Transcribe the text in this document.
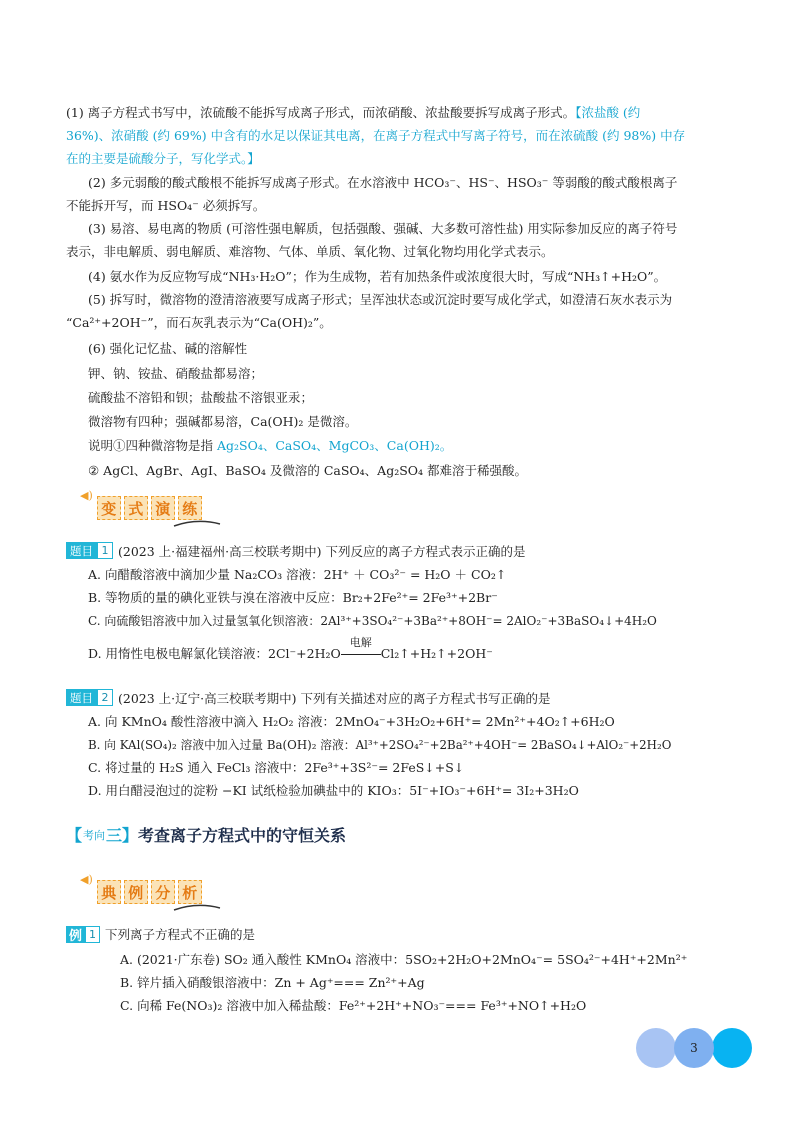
(1) 离子方程式书写中，浓硫酸不能拆写成离子形式，而浓硝酸、浓盐酸要拆写成离子形式。【浓盐酸 (约
36%)、浓硝酸 (约 69%) 中含有的水足以保证其电离，在离子方程式中写离子符号，而在浓硫酸 (约 98%) 中存
在的主要是硫酸分子，写化学式。】
(2) 多元弱酸的酸式酸根不能拆写成离子形式。在水溶液中 HCO₃⁻、HS⁻、HSO₃⁻ 等弱酸的酸式酸根离子
不能拆开写，而 HSO₄⁻ 必须拆写。
(3) 易溶、易电离的物质 (可溶性强电解质，包括强酸、强碱、大多数可溶性盐) 用实际参加反应的离子符号
表示，非电解质、弱电解质、难溶物、气体、单质、氧化物、过氧化物均用化学式表示。
(4) 氨水作为反应物写成“NH₃·H₂O”；作为生成物，若有加热条件或浓度很大时，写成“NH₃↑+H₂O”。
(5) 拆写时，微溶物的澄清溶液要写成离子形式；呈浑浊状态或沉淀时要写成化学式，如澄清石灰水表示为
“Ca²⁺+2OH⁻”，而石灰乳表示为“Ca(OH)₂”。
(6) 强化记忆盐、碱的溶解性
钾、钠、铵盐、硝酸盐都易溶；
硫酸盐不溶铅和钡；盐酸盐不溶银亚汞；
微溶物有四种；强碱都易溶，Ca(OH)₂ 是微溶。
说明①四种微溶物是指 Ag₂SO₄、CaSO₄、MgCO₃、Ca(OH)₂。
② AgCl、AgBr、AgI、BaSO₄ 及微溶的 CaSO₄、Ag₂SO₄ 都难溶于稀强酸。
◀)
变 式 演 练
题目 1 (2023 上·福建福州·高三校联考期中) 下列反应的离子方程式表示正确的是
A. 向醋酸溶液中滴加少量 Na₂CO₃ 溶液：2H⁺ ＋ CO₃²⁻ = H₂O ＋ CO₂↑
B. 等物质的量的碘化亚铁与溴在溶液中反应：Br₂+2Fe²⁺= 2Fe³⁺+2Br⁻
C. 向硫酸铝溶液中加入过量氢氧化钡溶液：2Al³⁺+3SO₄²⁻+3Ba²⁺+8OH⁻= 2AlO₂⁻+3BaSO₄↓+4H₂O
D. 用惰性电极电解氯化镁溶液：2Cl⁻+2H₂O
电解
Cl₂↑+H₂↑+2OH⁻
题目 2 (2023 上·辽宁·高三校联考期中) 下列有关描述对应的离子方程式书写正确的是
A. 向 KMnO₄ 酸性溶液中滴入 H₂O₂ 溶液：2MnO₄⁻+3H₂O₂+6H⁺= 2Mn²⁺+4O₂↑+6H₂O
B. 向 KAl(SO₄)₂ 溶液中加入过量 Ba(OH)₂ 溶液：Al³⁺+2SO₄²⁻+2Ba²⁺+4OH⁻= 2BaSO₄↓+AlO₂⁻+2H₂O
C. 将过量的 H₂S 通入 FeCl₃ 溶液中：2Fe³⁺+3S²⁻= 2FeS↓+S↓
D. 用白醋浸泡过的淀粉 −KI 试纸检验加碘盐中的 KIO₃：5I⁻+IO₃⁻+6H⁺= 3I₂+3H₂O
【 考向 三 】 考查离子方程式中的守恒关系
◀)
典 例 分 析
例 1 下列离子方程式不正确的是
A. (2021·广东卷) SO₂ 通入酸性 KMnO₄ 溶液中：5SO₂+2H₂O+2MnO₄⁻= 5SO₄²⁻+4H⁺+2Mn²⁺
B. 锌片插入硝酸银溶液中：Zn + Ag⁺=== Zn²⁺+Ag
C. 向稀 Fe(NO₃)₂ 溶液中加入稀盐酸：Fe²⁺+2H⁺+NO₃⁻=== Fe³⁺+NO↑+H₂O
3
